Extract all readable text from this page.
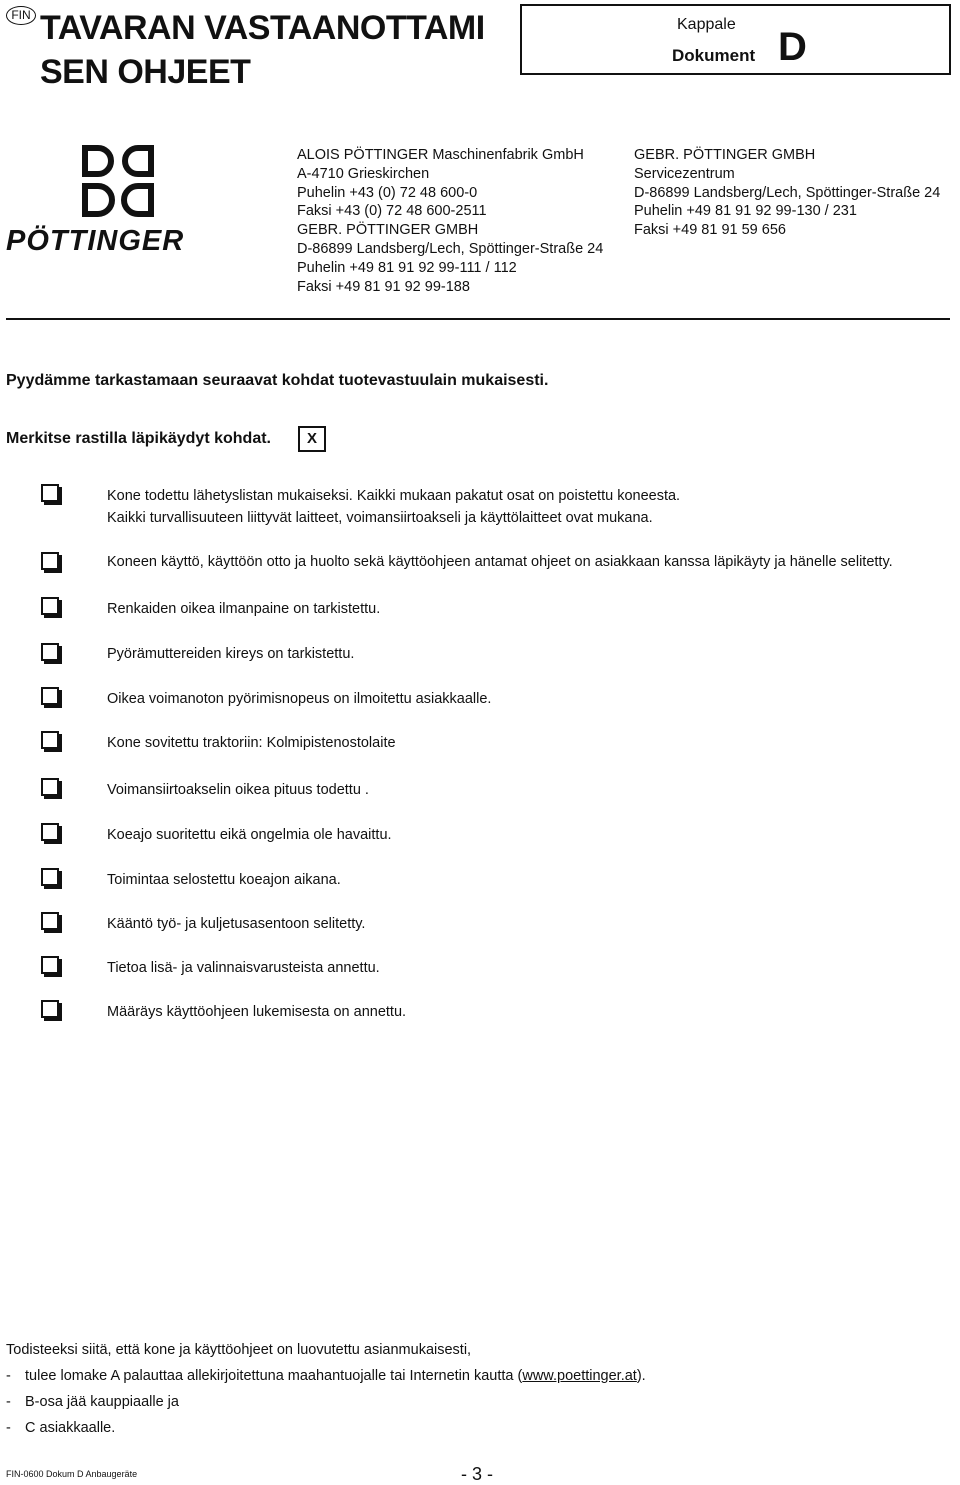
FIN TAVARAN VASTAANOTTAMI
SEN OHJEET
Kappale
Dokument D
PÖTTINGER
ALOIS PÖTTINGER Maschinenfabrik GmbH
A-4710 Grieskirchen
Puhelin +43 (0) 72 48 600-0
Faksi +43 (0) 72 48 600-2511
GEBR. PÖTTINGER GMBH
D-86899 Landsberg/Lech, Spöttinger-Straße 24
Puhelin +49 81 91 92 99-111 / 112
Faksi +49 81 91 92 99-188
GEBR. PÖTTINGER GMBH
Servicezentrum
D-86899 Landsberg/Lech, Spöttinger-Straße 24
Puhelin +49 81 91 92 99-130 / 231
Faksi +49 81 91 59 656
Pyydämme tarkastamaan seuraavat kohdat tuotevastuulain mukaisesti.
Merkitse rastilla läpikäydyt kohdat.	X
Kone todettu lähetyslistan mukaiseksi. Kaikki mukaan pakatut osat on poistettu koneesta.
Kaikki turvallisuuteen liittyvät laitteet, voimansiirtoakseli ja käyttölaitteet ovat mukana.
Koneen käyttö, käyttöön otto ja huolto sekä käyttöohjeen antamat ohjeet on asiakkaan kanssa läpikäyty ja hänelle selitetty.
Renkaiden oikea ilmanpaine on tarkistettu.
Pyörämuttereiden kireys on tarkistettu.
Oikea voimanoton pyörimisnopeus on ilmoitettu asiakkaalle.
Kone sovitettu traktoriin: Kolmipistenostolaite
Voimansiirtoakselin oikea pituus todettu .
Koeajo suoritettu eikä ongelmia ole havaittu.
Toimintaa selostettu koeajon aikana.
Kääntö työ- ja kuljetusasentoon selitetty.
Tietoa lisä- ja valinnaisvarusteista annettu.
Määräys käyttöohjeen lukemisesta on annettu.
Todisteeksi siitä, että kone ja käyttöohjeet on luovutettu asianmukaisesti,
- tulee lomake A palauttaa allekirjoitettuna maahantuojalle tai Internetin kautta (www.poettinger.at).
- B-osa jää kauppiaalle ja
- C asiakkaalle.
FIN-0600 Dokum D Anbaugeräte	- 3 -
